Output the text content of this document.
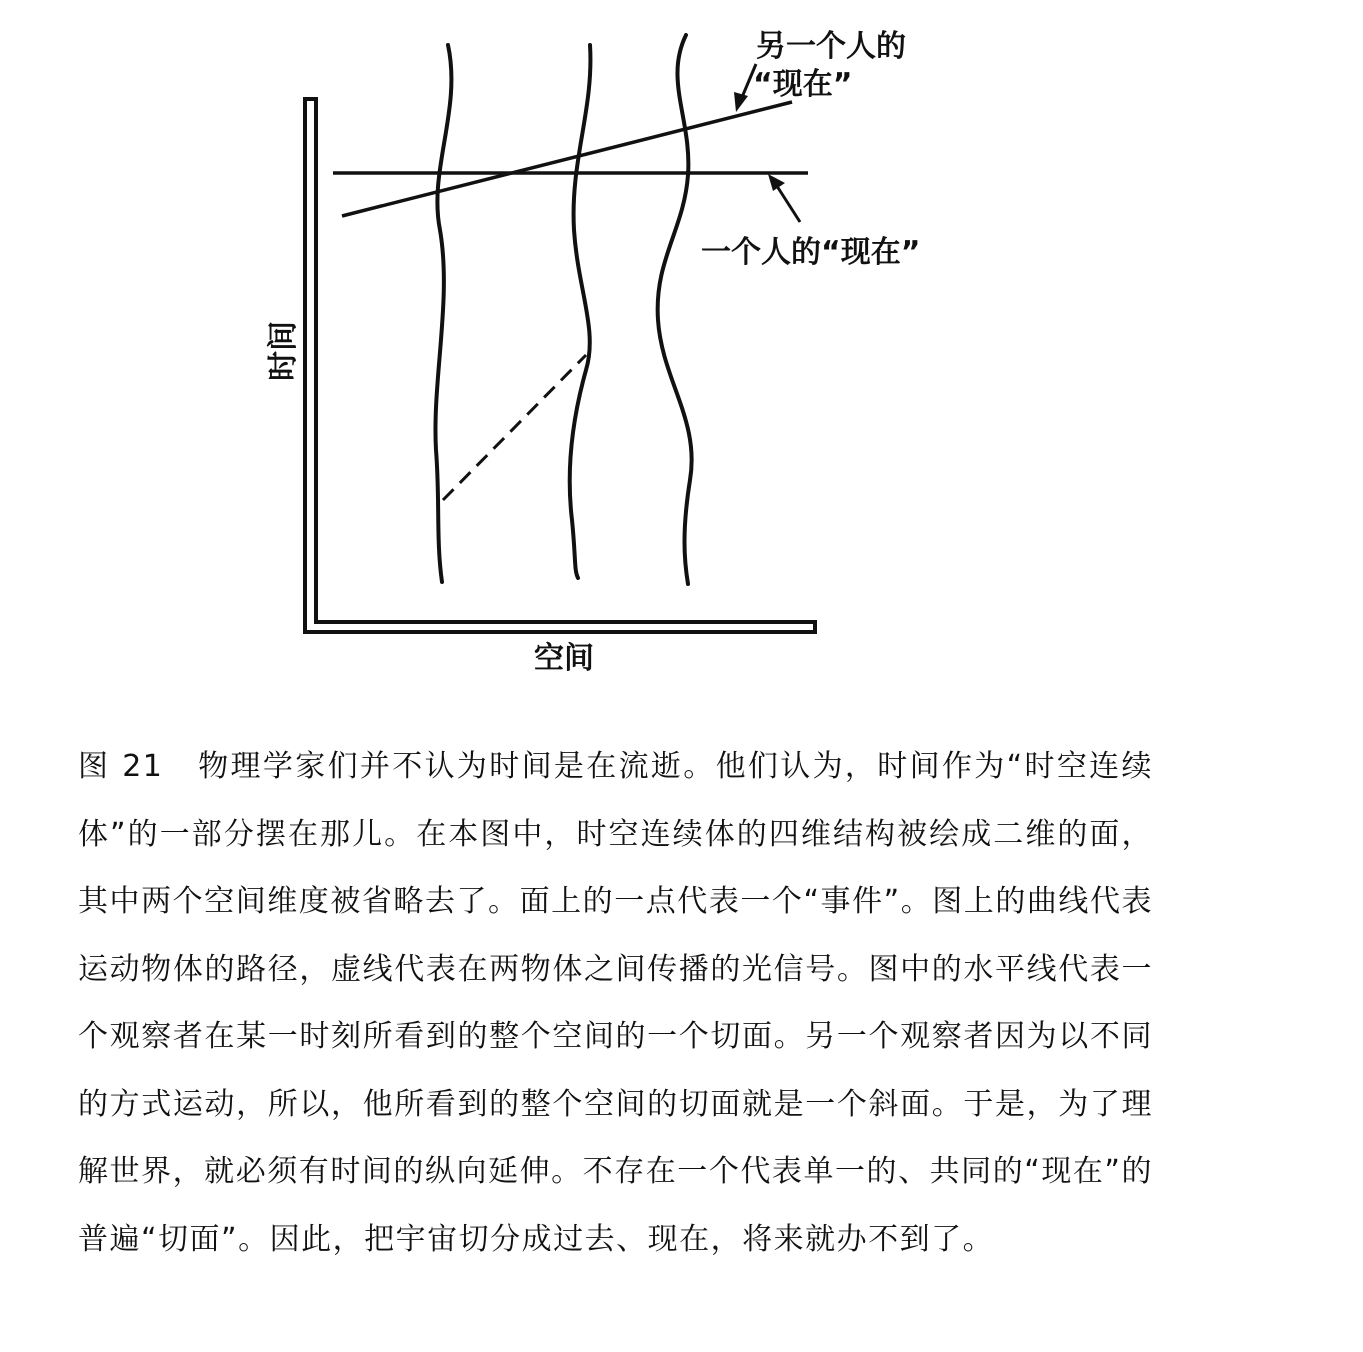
另一个人的
“现在”
一个人的“现在”
空间
时间

图 21 物理学家们并不认为时间是在流逝。他们认为，时间作为“时空连续体”的一部分摆在那儿。在本图中，时空连续体的四维结构被绘成二维的面，其中两个空间维度被省略去了。面上的一点代表一个“事件”。图上的曲线代表运动物体的路径，虚线代表在两物体之间传播的光信号。图中的水平线代表一个观察者在某一时刻所看到的整个空间的一个切面。另一个观察者因为以不同的方式运动，所以，他所看到的整个空间的切面就是一个斜面。于是，为了理解世界，就必须有时间的纵向延伸。不存在一个代表单一的、共同的“现在”的普遍“切面”。因此，把宇宙切分成过去、现在，将来就办不到了。
